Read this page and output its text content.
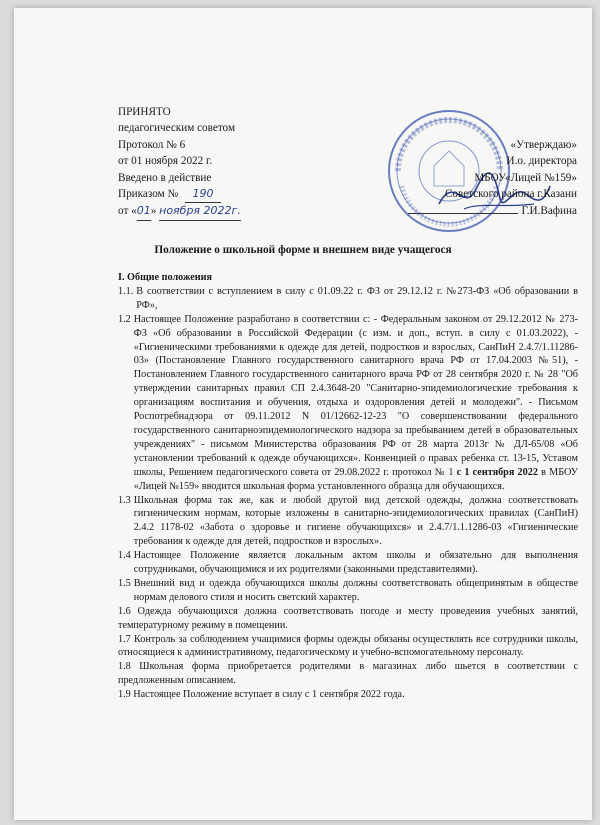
ПРИНЯТО
педагогическим советом
Протокол № 6
от 01 ноября 2022 г.
Введено в действие
Приказом № 190
от «01» ноября 2022г.
«Утверждаю»
И.о. директора
МБОУ«Лицей №159»
Советского района г.Казани
Г.И.Вафина
Положение о школьной форме и внешнем виде учащегося
I. Общие положения
1.1. В соответствии с вступлением в силу с 01.09.22 г. ФЗ от 29.12.12 г. №273-ФЗ «Об образовании в РФ»,
1.2 Настоящее Положение разработано в соответствии с: - Федеральным законом от 29.12.2012 № 273-ФЗ «Об образовании в Российской Федерации (с изм. и доп., вступ. в силу с 01.03.2022), - «Гигиеническими требованиями к одежде для детей, подростков и взрослых, СанПиН 2.4.7/1.11286-03» (Постановление Главного государственного санитарного врача РФ от 17.04.2003 №51), - Постановлением Главного государственного санитарного врача РФ от 28 сентября 2020 г. № 28 "Об утверждении санитарных правил СП 2.4.3648-20 "Санитарно-эпидемиологические требования к организациям воспитания и обучения, отдыха и оздоровления детей и молодежи". - Письмом Роспотребнадзора от 09.11.2012 N 01/12662-12-23 "О совершенствовании федерального государственного санитарноэпидемиологического надзора за пребыванием детей в образовательных учреждениях" - письмом Министерства образования РФ от 28 марта 2013г № ДЛ-65/08 «Об установлении требований к одежде обучающихся». Конвенцией о правах ребенка ст. 13-15, Уставом школы, Решением педагогического совета от 29.08.2022 г. протокол № 1 с 1 сентября 2022 в МБОУ «Лицей №159» вводится школьная форма установленного образца для обучающихся.
1.3 Школьная форма так же, как и любой другой вид детской одежды, должна соответствовать гигиеническим нормам, которые изложены в санитарно-эпидемиологических правилах (СанПиН) 2.4.2 1178-02 «Забота о здоровье и гигиене обучающихся» и 2.4.7/1.1.1286-03 «Гигиенические требования к одежде для детей, подростков и взрослых».
1.4 Настоящее Положение является локальным актом школы и обязательно для выполнения сотрудниками, обучающимися и их родителями (законными представителями).
1.5 Внешний вид и одежда обучающихся школы должны соответствовать общепринятым в обществе нормам делового стиля и носить светский характер.
1.6 Одежда обучающихся должна соответствовать погоде и месту проведения учебных занятий, температурному режиму в помещении.
1.7 Контроль за соблюдением учащимися формы одежды обязаны осуществлять все сотрудники школы, относящиеся к административному, педагогическому и учебно-вспомогательному персоналу.
1.8 Школьная форма приобретается родителями в магазинах либо шьется в соответствии с предложенным описанием.
1.9 Настоящее Положение вступает в силу с 1 сентября 2022 года.
